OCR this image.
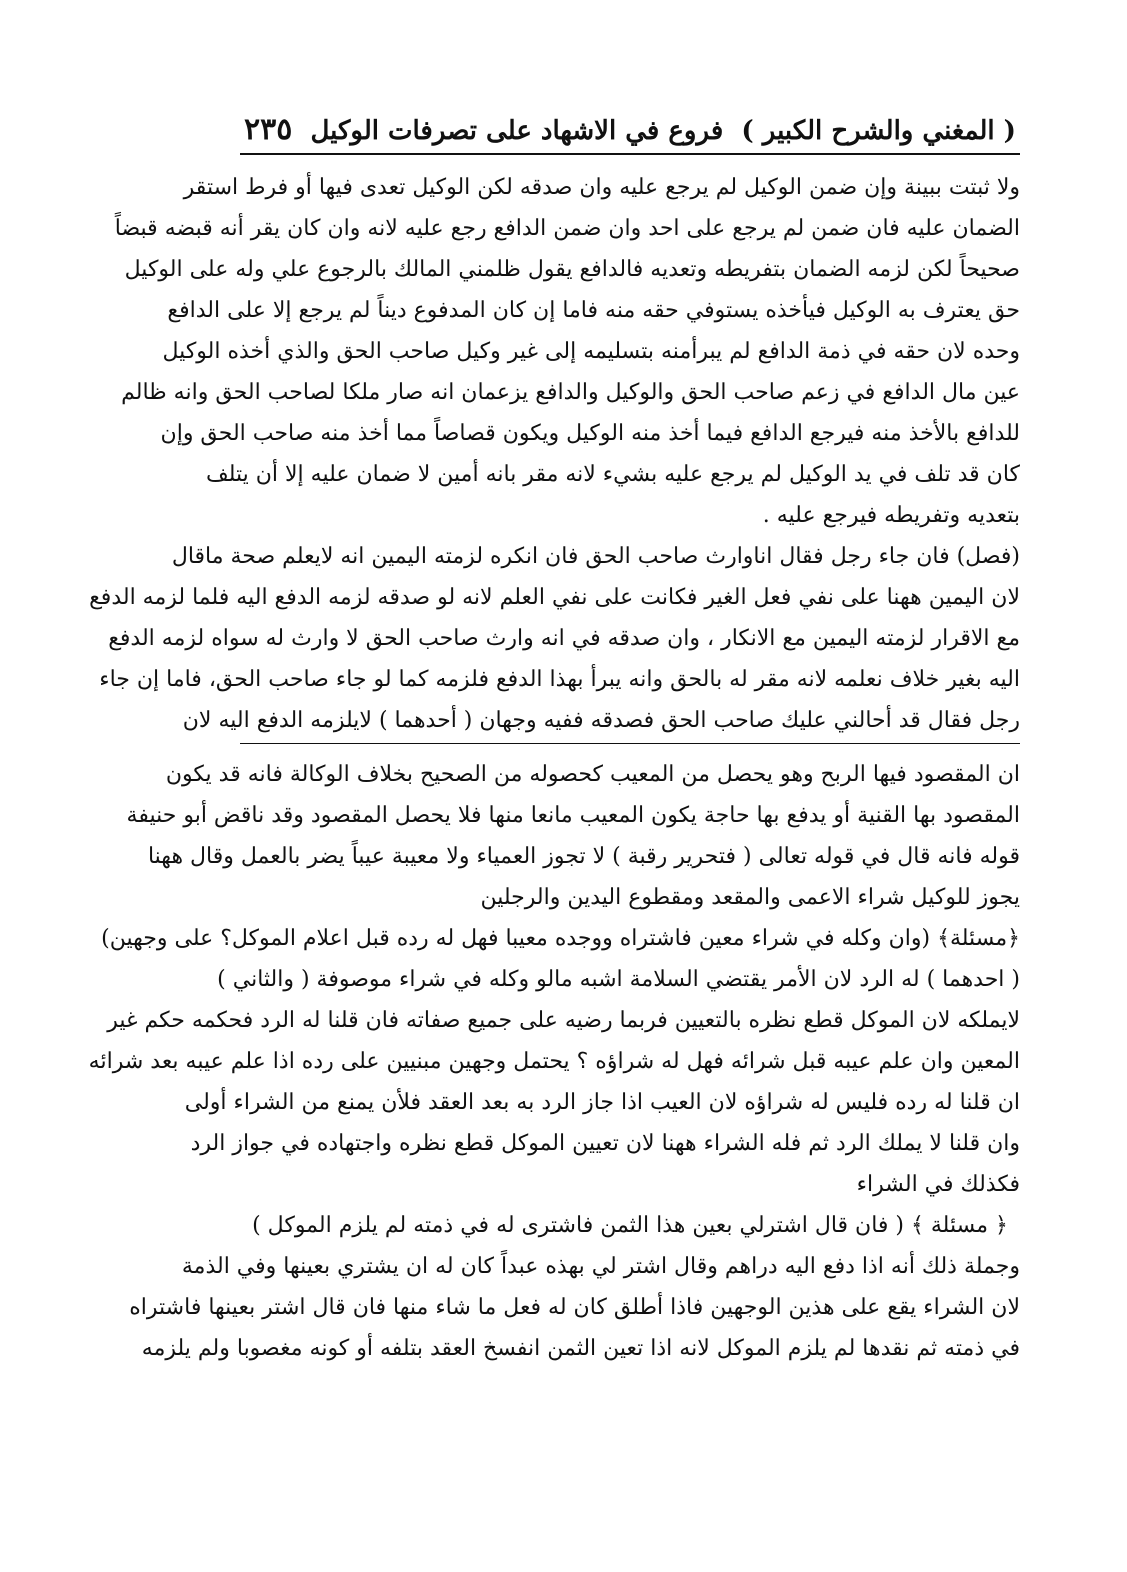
( المغني والشرح الكبير )
فروع في الاشهاد على تصرفات الوكيل
٢٣٥
ولا ثبتت ببينة وإن ضمن الوكيل لم يرجع عليه وان صدقه لكن الوكيل تعدى فيها أو فرط استقر
الضمان عليه فان ضمن لم يرجع على احد وان ضمن الدافع رجع عليه لانه وان كان يقر أنه قبضه قبضاً
صحيحاً لكن لزمه الضمان بتفريطه وتعديه فالدافع يقول ظلمني المالك بالرجوع علي وله على الوكيل
حق يعترف به الوكيل فيأخذه يستوفي حقه منه فاما إن كان المدفوع ديناً لم يرجع إلا على الدافع
وحده لان حقه في ذمة الدافع لم يبرأمنه بتسليمه إلى غير وكيل صاحب الحق والذي أخذه الوكيل
عين مال الدافع في زعم صاحب الحق والوكيل والدافع يزعمان انه صار ملكا لصاحب الحق وانه ظالم
للدافع بالأخذ منه فيرجع الدافع فيما أخذ منه الوكيل ويكون قصاصاً مما أخذ منه صاحب الحق وإن
كان قد تلف في يد الوكيل لم يرجع عليه بشيء لانه مقر بانه أمين لا ضمان عليه إلا أن يتلف
بتعديه وتفريطه فيرجع عليه .
(فصل) فان جاء رجل فقال اناوارث صاحب الحق فان انكره لزمته اليمين انه لايعلم صحة ماقال
لان اليمين ههنا على نفي فعل الغير فكانت على نفي العلم لانه لو صدقه لزمه الدفع اليه فلما لزمه الدفع
مع الاقرار لزمته اليمين مع الانكار ، وان صدقه في انه وارث صاحب الحق لا وارث له سواه لزمه الدفع
اليه بغير خلاف نعلمه لانه مقر له بالحق وانه يبرأ بهذا الدفع فلزمه كما لو جاء صاحب الحق، فاما إن جاء
رجل فقال قد أحالني عليك صاحب الحق فصدقه ففيه وجهان ( أحدهما ) لايلزمه الدفع اليه لان
ان المقصود فيها الربح وهو يحصل من المعيب كحصوله من الصحيح بخلاف الوكالة فانه قد يكون
المقصود بها القنية أو يدفع بها حاجة يكون المعيب مانعا منها فلا يحصل المقصود وقد ناقض أبو حنيفة
قوله فانه قال في قوله تعالى ( فتحرير رقبة ) لا تجوز العمياء ولا معيبة عيباً يضر بالعمل وقال ههنا
يجوز للوكيل شراء الاعمى والمقعد ومقطوع اليدين والرجلين
﴿مسئلة﴾ (وان وكله في شراء معين فاشتراه ووجده معيبا فهل له رده قبل اعلام الموكل؟ على وجهين)
( احدهما ) له الرد لان الأمر يقتضي السلامة اشبه مالو وكله في شراء موصوفة ( والثاني )
لايملكه لان الموكل قطع نظره بالتعيين فربما رضيه على جميع صفاته فان قلنا له الرد فحكمه حكم غير
المعين وان علم عيبه قبل شرائه فهل له شراؤه ؟ يحتمل وجهين مبنيين على رده اذا علم عيبه بعد شرائه
ان قلنا له رده فليس له شراؤه لان العيب اذا جاز الرد به بعد العقد فلأن يمنع من الشراء أولى
وان قلنا لا يملك الرد ثم فله الشراء ههنا لان تعيين الموكل قطع نظره واجتهاده في جواز الرد
فكذلك في الشراء
﴿ مسئلة ﴾ ( فان قال اشترلي بعين هذا الثمن فاشترى له في ذمته لم يلزم الموكل )
وجملة ذلك أنه اذا دفع اليه دراهم وقال اشتر لي بهذه عبداً كان له ان يشتري بعينها وفي الذمة
لان الشراء يقع على هذين الوجهين فاذا أطلق كان له فعل ما شاء منها فان قال اشتر بعينها فاشتراه
في ذمته ثم نقدها لم يلزم الموكل لانه اذا تعين الثمن انفسخ العقد بتلفه أو كونه مغصوبا ولم يلزمه
